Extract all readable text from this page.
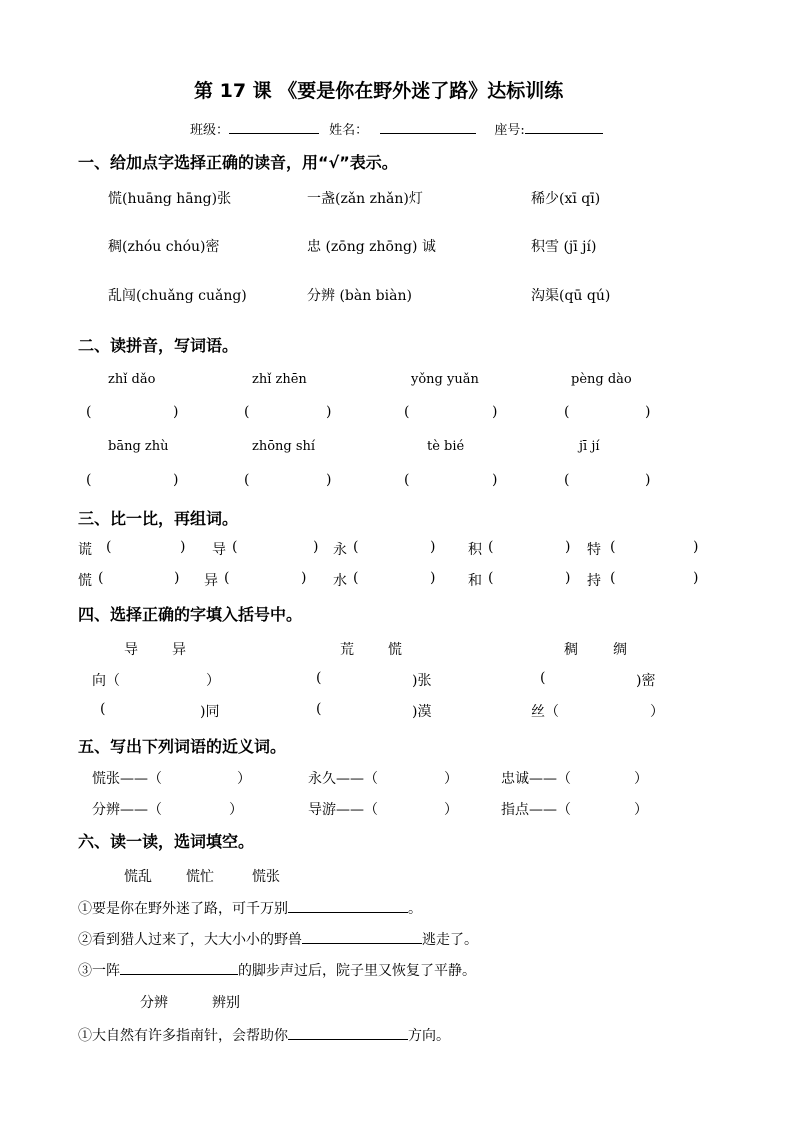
第 17 课 《要是你在野外迷了路》达标训练
班级：	姓名：	座号:
一、给加点字选择正确的读音，用“√”表示。
慌(huāng hāng)张	一盏(zǎn zhǎn)灯	稀少(xī qī)
稠(zhóu chóu)密	忠 (zōng zhōng) 诚	积雪 (jī jí)
乱闯(chuǎng cuǎng)	分辨 (bàn biàn)	沟渠(qū qú)
二、读拼音，写词语。
zhǐ dǎo	zhǐ zhēn	yǒng yuǎn	pèng dào
(	)	(	)	(	)	(	)
bāng zhù	zhōng shí	tè bié	jī jí
(	)	(	)	(	)	(	)
三、比一比，再组词。
谎 (	) 导 (	) 永 (	) 积 (	) 特 (	)
慌 (	) 异 (	) 水 (	) 和 (	) 持 (	)
四、选择正确的字填入括号中。
导 异	荒 慌	稠	绸
向（	）	(	)张	(	)密
(	)同	(	)漠	丝（	）
五、写出下列词语的近义词。
慌张——（	）	永久——（	）	忠诚——（	）
分辨——（	）	导游——（	）	指点——（	）
六、读一读，选词填空。
慌乱 慌忙	慌张
①要是你在野外迷了路，可千万别	。
②看到猎人过来了，大大小小的野兽	逃走了。
③一阵	的脚步声过后，院子里又恢复了平静。
分辨	辨别
①大自然有许多指南针，会帮助你	方向。
